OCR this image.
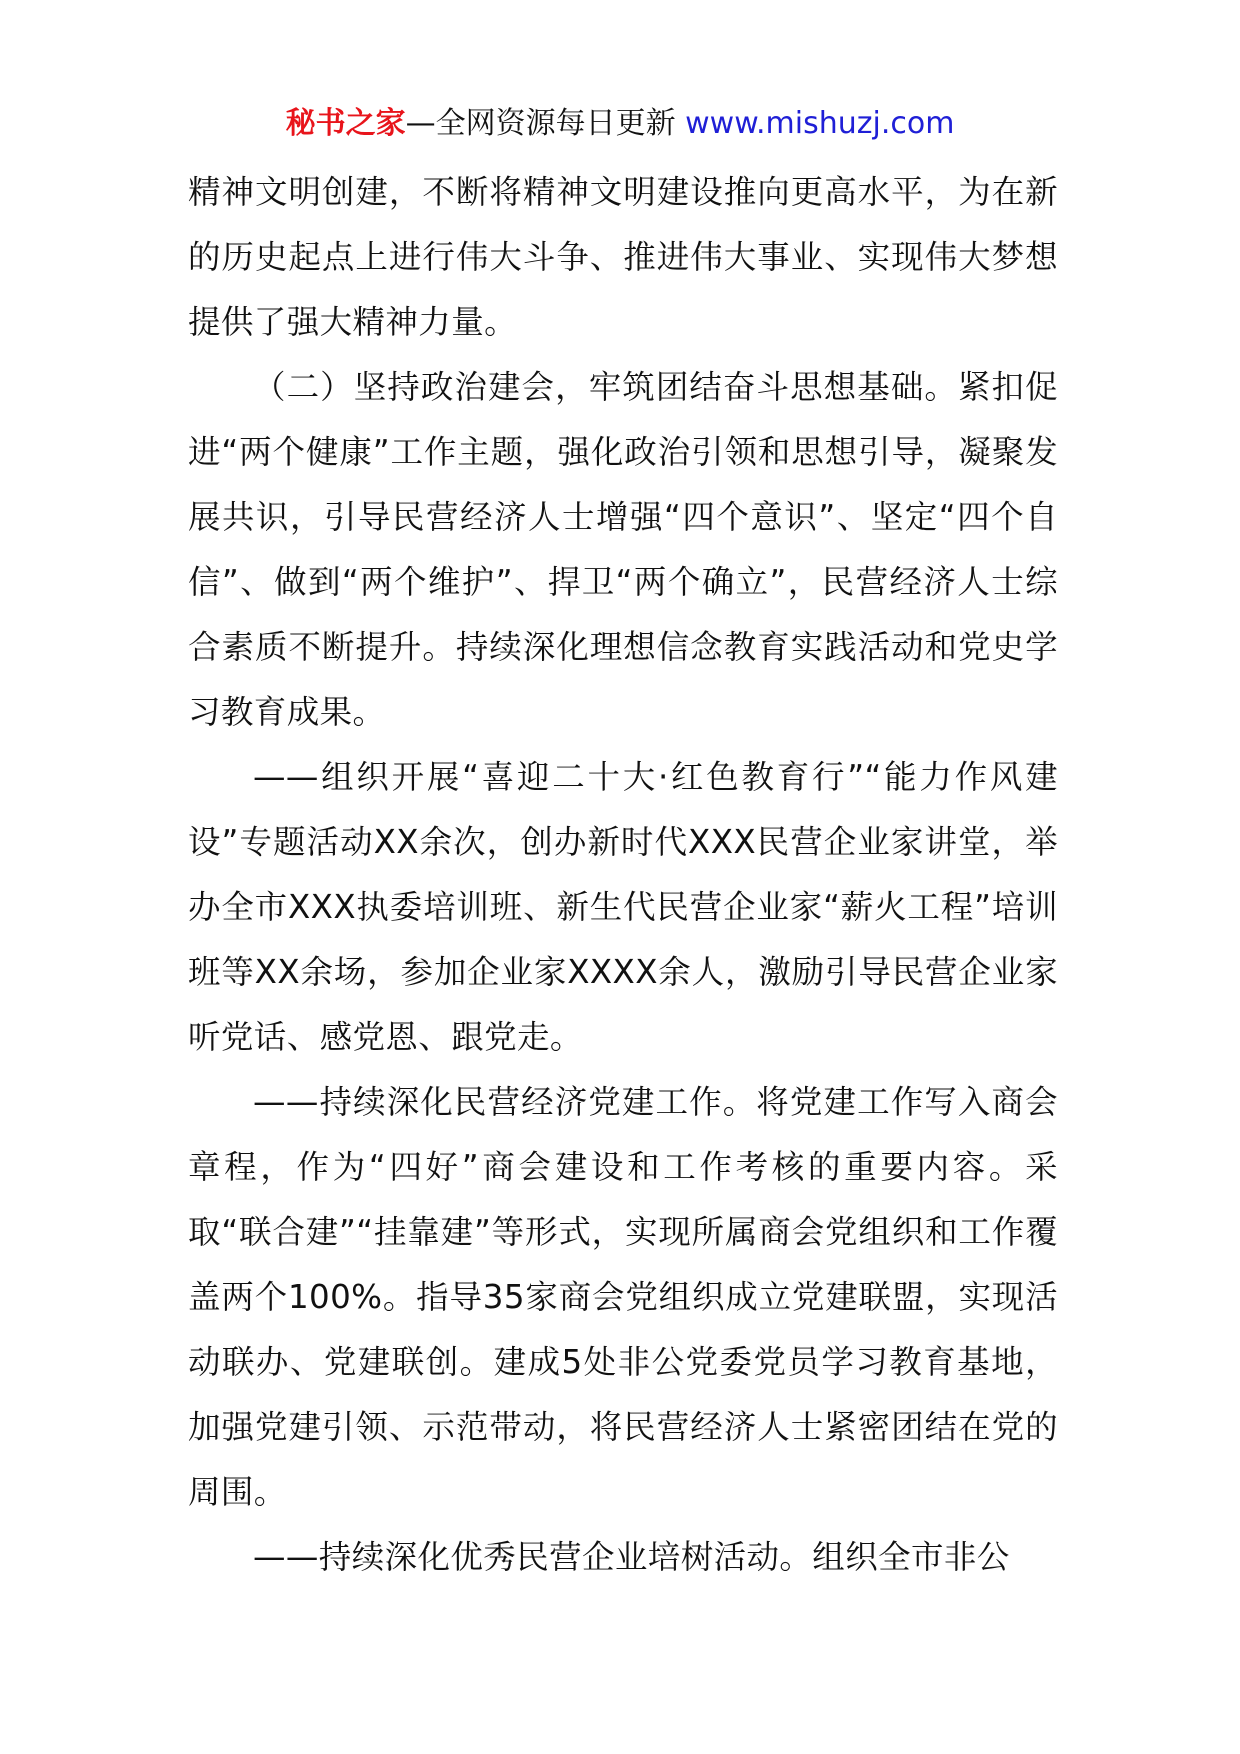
秘书之家—全网资源每日更新 www.mishuzj.com

精神文明创建，不断将精神文明建设推向更高水平，为在新的历史起点上进行伟大斗争、推进伟大事业、实现伟大梦想提供了强大精神力量。

（二）坚持政治建会，牢筑团结奋斗思想基础。紧扣促进“两个健康”工作主题，强化政治引领和思想引导，凝聚发展共识，引导民营经济人士增强“四个意识”、坚定“四个自信”、做到“两个维护”、捍卫“两个确立”，民营经济人士综合素质不断提升。持续深化理想信念教育实践活动和党史学习教育成果。

——组织开展“喜迎二十大·红色教育行”“能力作风建设”专题活动XX余次，创办新时代XXX民营企业家讲堂，举办全市XXX执委培训班、新生代民营企业家“薪火工程”培训班等XX余场，参加企业家XXXX余人，激励引导民营企业家听党话、感党恩、跟党走。

——持续深化民营经济党建工作。将党建工作写入商会章程，作为“四好”商会建设和工作考核的重要内容。采取“联合建”“挂靠建”等形式，实现所属商会党组织和工作覆盖两个100%。指导35家商会党组织成立党建联盟，实现活动联办、党建联创。建成5处非公党委党员学习教育基地，加强党建引领、示范带动，将民营经济人士紧密团结在党的周围。

——持续深化优秀民营企业培树活动。组织全市非公
